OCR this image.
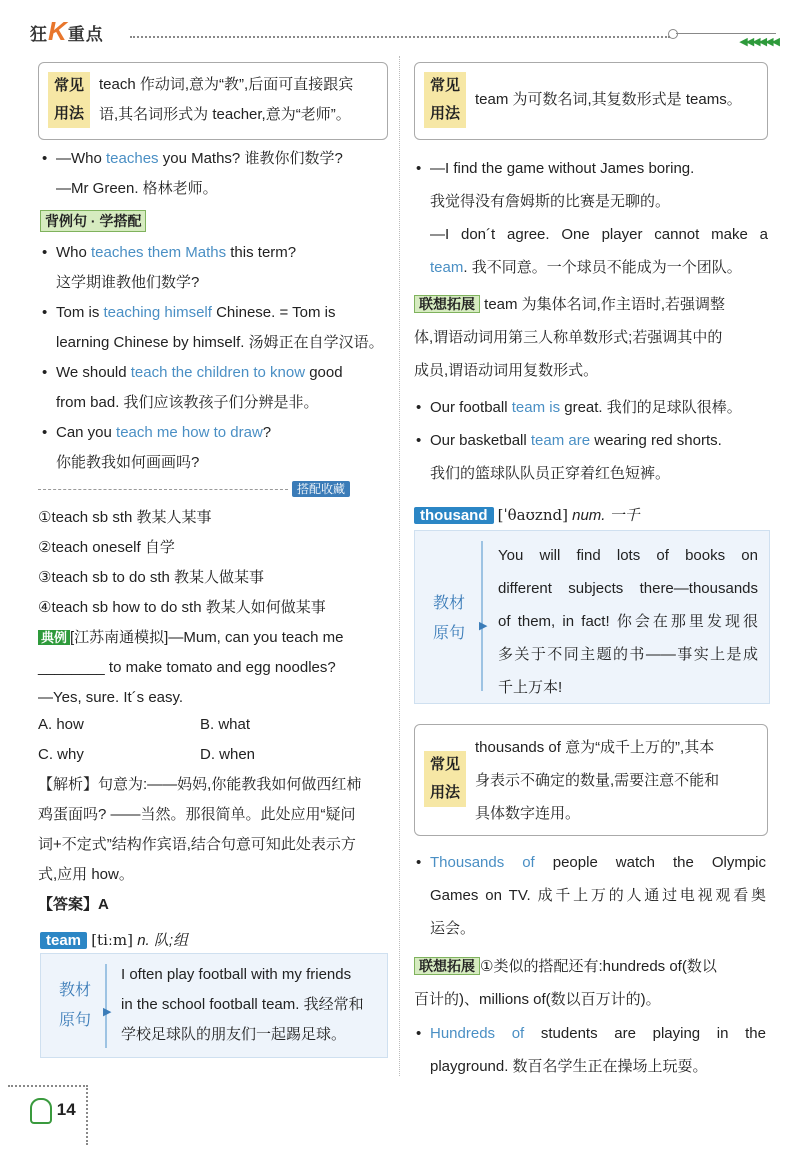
狂K重点	◀◀◀◀◀◀
常见
用法
teach 作动词,意为“教”,后面可直接跟宾
语,其名词形式为 teacher,意为“老师”。
• —Who teaches you Maths? 谁教你们数学?
—Mr Green. 格林老师。
背例句 · 学搭配
• Who teaches them Maths this term?
这学期谁教他们数学?
• Tom is teaching himself Chinese. = Tom is
learning Chinese by himself. 汤姆正在自学汉语。
• We should teach the children to know good
from bad. 我们应该教孩子们分辨是非。
• Can you teach me how to draw?
你能教我如何画画吗?
搭配收藏
①teach sb sth 教某人某事
②teach oneself 自学
③teach sb to do sth 教某人做某事
④teach sb how to do sth 教某人如何做某事
典例 [江苏南通模拟]—Mum, can you teach me
________ to make tomato and egg noodles?
—Yes, sure. It´s easy.
A. how	B. what
C. why	D. when
【解析】句意为:——妈妈,你能教我如何做西红柿
鸡蛋面吗? ——当然。那很简单。此处应用“疑问
词+不定式”结构作宾语,结合句意可知此处表示方
式,应用 how。
【答案】A
team [tiːm] n. 队;组
教材
原句	▶
I often play football with my friends
in the school football team. 我经常和
学校足球队的朋友们一起踢足球。
14
常见
用法
team 为可数名词,其复数形式是 teams。
• —I find the game without James boring.
我觉得没有詹姆斯的比赛是无聊的。
—I don´t agree. One player cannot make a
team. 我不同意。一个球员不能成为一个团队。
联想拓展 team 为集体名词,作主语时,若强调整
体,谓语动词用第三人称单数形式;若强调其中的
成员,谓语动词用复数形式。
• Our football team is great. 我们的足球队很棒。
• Our basketball team are wearing red shorts.
我们的篮球队队员正穿着红色短裤。
thousand [ˈθaʊznd] num. 一千
教材
原句	▶
You will find lots of books on
different subjects there—thousands
of them, in fact! 你会在那里发现很
多关于不同主题的书——事实上是成
千上万本!
常见
用法
thousands of 意为“成千上万的”,其本
身表示不确定的数量,需要注意不能和
具体数字连用。
• Thousands of people watch the Olympic
Games on TV. 成千上万的人通过电视观看奥
运会。
联想拓展 ①类似的搭配还有:hundreds of(数以
百计的)、millions of(数以百万计的)。
• Hundreds of students are playing in the
playground. 数百名学生正在操场上玩耍。
